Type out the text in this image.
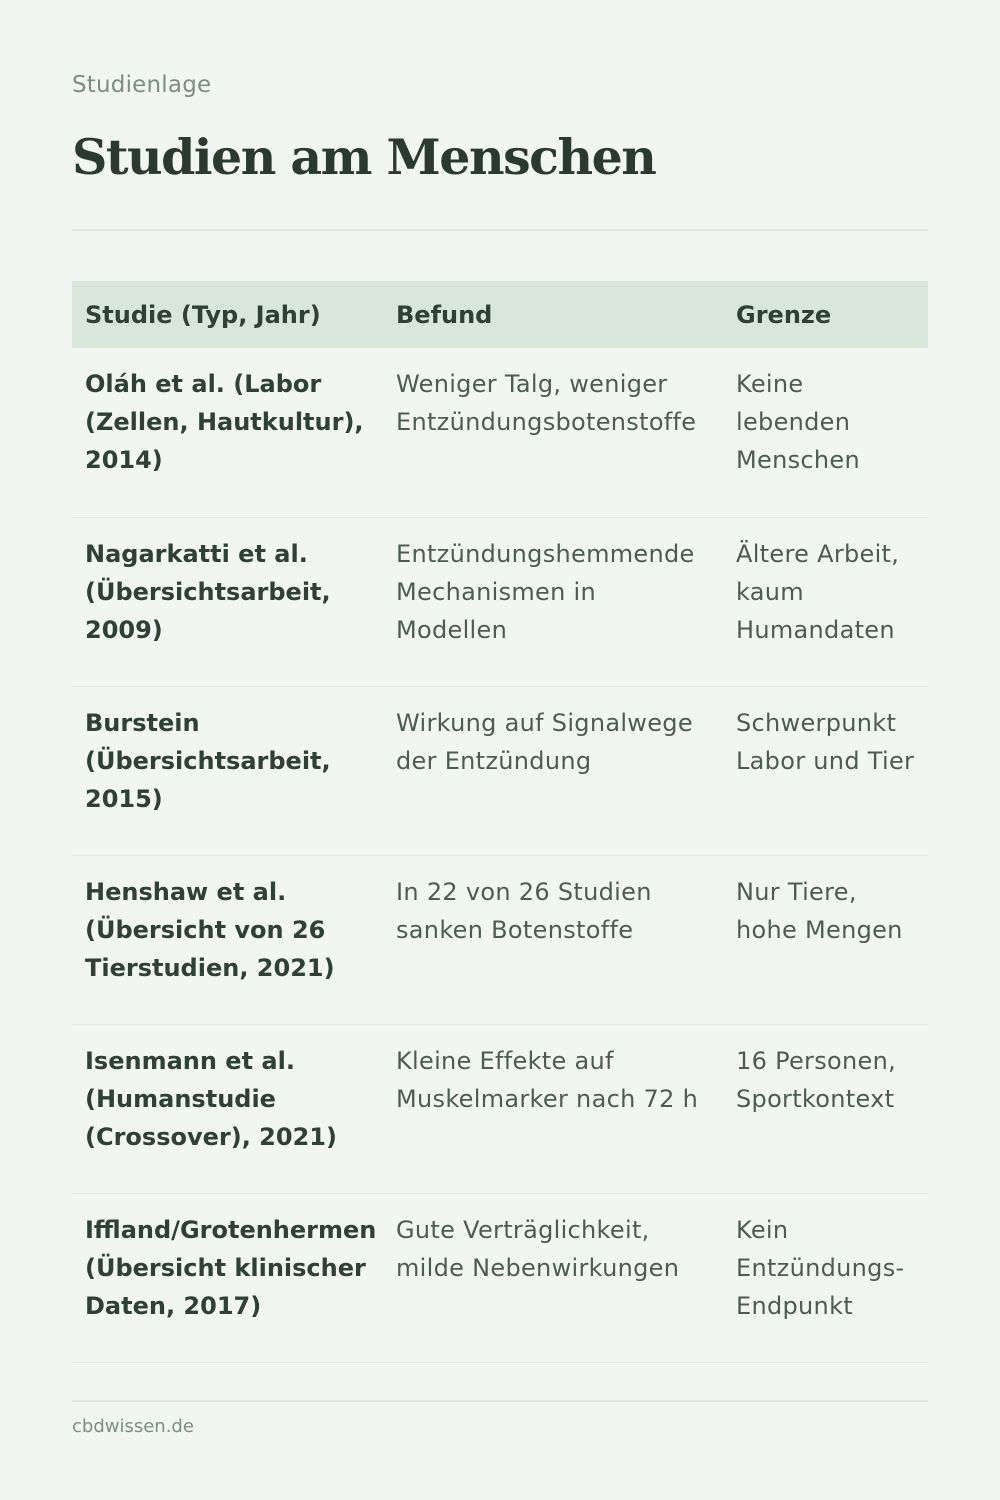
Studienlage
Studien am Menschen
Studie (Typ, Jahr)	Befund	Grenze
Oláh et al. (Labor (Zellen, Hautkultur), 2014)	Weniger Talg, weniger Entzündungsbotenstoffe	Keine lebenden Menschen
Nagarkatti et al. (Übersichtsarbeit, 2009)	Entzündungshemmende Mechanismen in Modellen	Ältere Arbeit, kaum Humandaten
Burstein (Übersichtsarbeit, 2015)	Wirkung auf Signalwege der Entzündung	Schwerpunkt Labor und Tier
Henshaw et al. (Übersicht von 26 Tierstudien, 2021)	In 22 von 26 Studien sanken Botenstoffe	Nur Tiere, hohe Mengen
Isenmann et al. (Humanstudie (Crossover), 2021)	Kleine Effekte auf Muskelmarker nach 72 h	16 Personen, Sportkontext
Iffland/Grotenhermen (Übersicht klinischer Daten, 2017)	Gute Verträglichkeit, milde Nebenwirkungen	Kein Entzündungs-Endpunkt
cbdwissen.de
